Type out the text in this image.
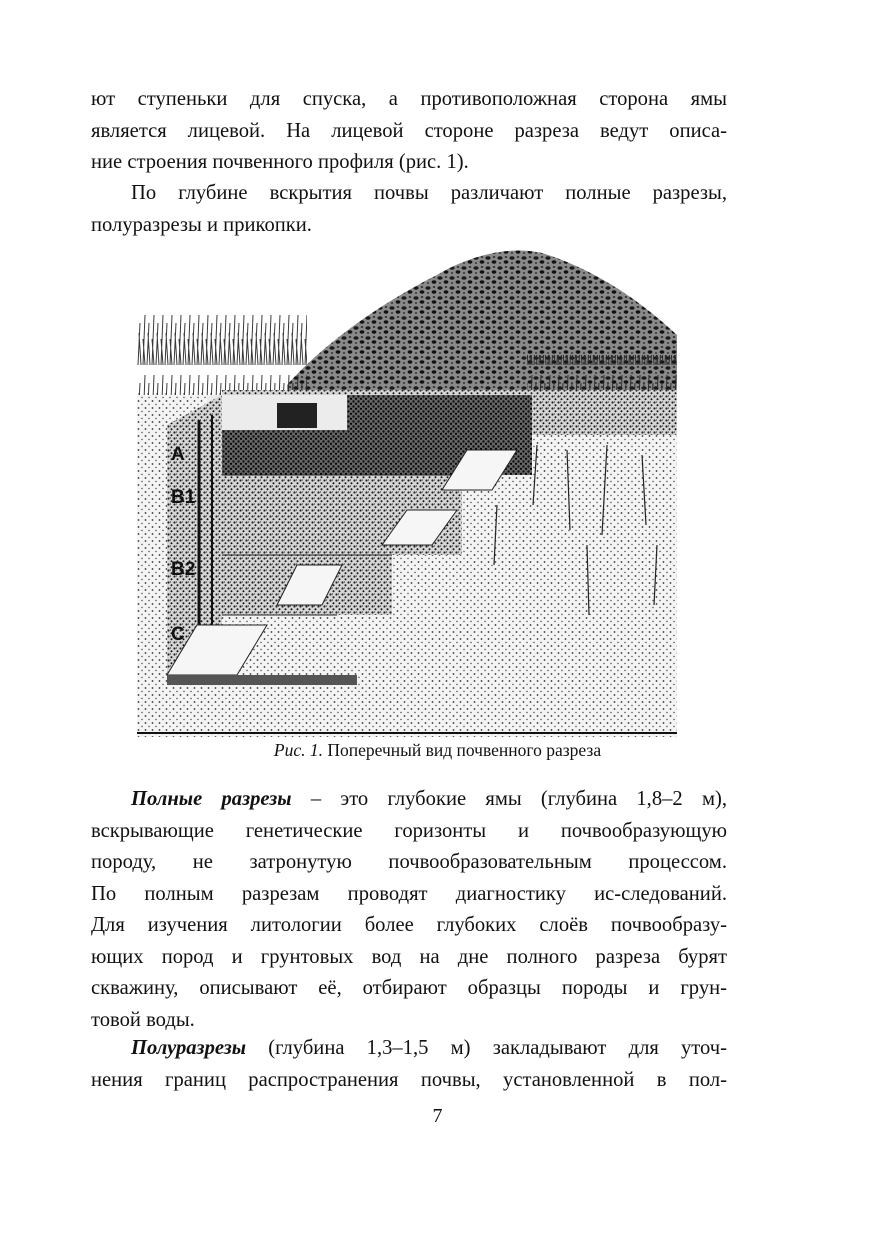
ют ступеньки для спуска, а противоположная сторона ямы
является лицевой. На лицевой стороне разреза ведут описа-
ние строения почвенного профиля (рис. 1).
По глубине вскрытия почвы различают полные разрезы,
полуразрезы и прикопки.
A
B1
B2
C
Рис. 1. Поперечный вид почвенного разреза
Полные разрезы – это глубокие ямы (глубина 1,8–2 м),
вскрывающие генетические горизонты и почвообразующую
породу, не затронутую почвообразовательным процессом.
По полным разрезам проводят диагностику ис-следований.
Для изучения литологии более глубоких слоёв почвообразу-
ющих пород и грунтовых вод на дне полного разреза бурят
скважину, описывают её, отбирают образцы породы и грун-
товой воды.
Полуразрезы (глубина 1,3–1,5 м) закладывают для уточ-
нения границ распространения почвы, установленной в пол-
7
